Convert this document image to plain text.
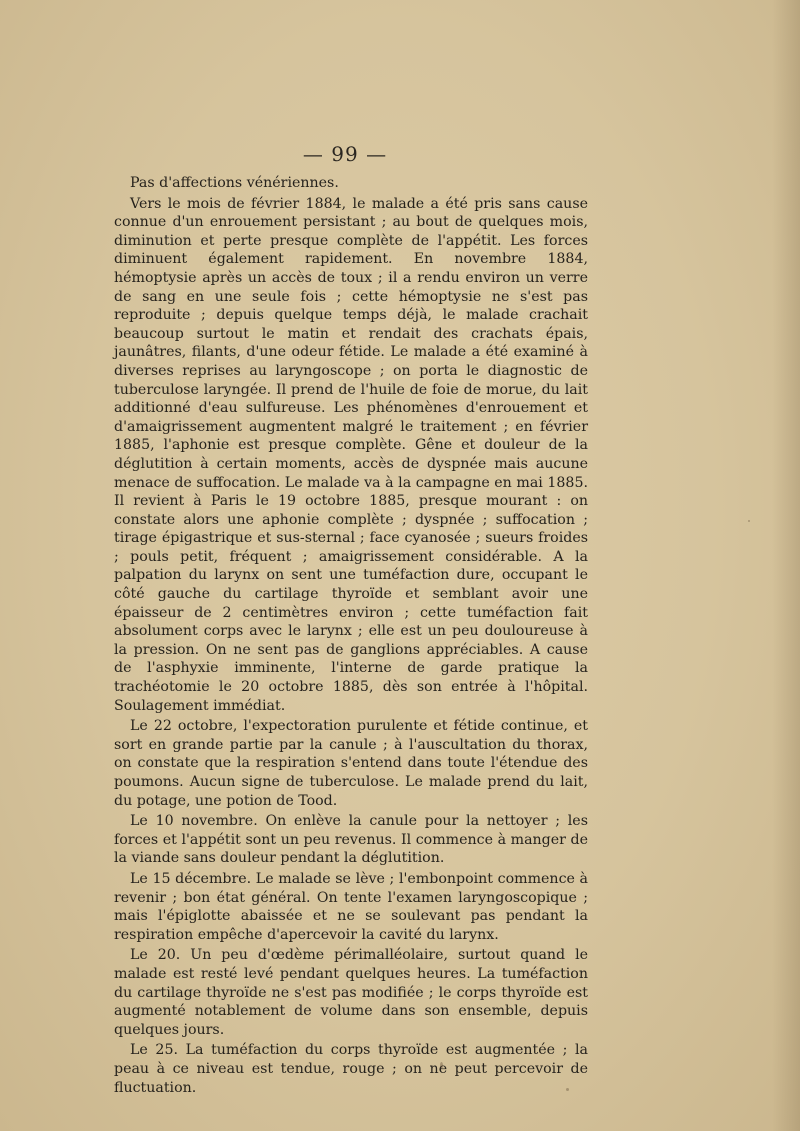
— 99 —

Pas d'affections vénériennes.

Vers le mois de février 1884, le malade a été pris sans cause connue d'un enrouement persistant ; au bout de quelques mois, diminution et perte presque complète de l'appétit. Les forces diminuent également rapidement. En novembre 1884, hémoptysie après un accès de toux ; il a rendu environ un verre de sang en une seule fois ; cette hémoptysie ne s'est pas reproduite ; depuis quelque temps déjà, le malade crachait beaucoup surtout le matin et rendait des crachats épais, jaunâtres, filants, d'une odeur fétide. Le malade a été examiné à diverses reprises au laryngoscope ; on porta le diagnostic de tuberculose laryngée. Il prend de l'huile de foie de morue, du lait additionné d'eau sulfureuse. Les phénomènes d'enrouement et d'amaigrissement augmentent malgré le traitement ; en février 1885, l'aphonie est presque complète. Gêne et douleur de la déglutition à certain moments, accès de dyspnée mais aucune menace de suffocation. Le malade va à la campagne en mai 1885. Il revient à Paris le 19 octobre 1885, presque mourant : on constate alors une aphonie complète ; dyspnée ; suffocation ; tirage épigastrique et sus-sternal ; face cyanosée ; sueurs froides ; pouls petit, fréquent ; amaigrissement considérable. A la palpation du larynx on sent une tuméfaction dure, occupant le côté gauche du cartilage thyroïde et semblant avoir une épaisseur de 2 centimètres environ ; cette tuméfaction fait absolument corps avec le larynx ; elle est un peu douloureuse à la pression. On ne sent pas de ganglions appréciables. A cause de l'asphyxie imminente, l'interne de garde pratique la trachéotomie le 20 octobre 1885, dès son entrée à l'hôpital. Soulagement immédiat.

Le 22 octobre, l'expectoration purulente et fétide continue, et sort en grande partie par la canule ; à l'auscultation du thorax, on constate que la respiration s'entend dans toute l'étendue des poumons. Aucun signe de tuberculose. Le malade prend du lait, du potage, une potion de Tood.

Le 10 novembre. On enlève la canule pour la nettoyer ; les forces et l'appétit sont un peu revenus. Il commence à manger de la viande sans douleur pendant la déglutition.

Le 15 décembre. Le malade se lève ; l'embonpoint commence à revenir ; bon état général. On tente l'examen laryngoscopique ; mais l'épiglotte abaissée et ne se soulevant pas pendant la respiration empêche d'apercevoir la cavité du larynx.

Le 20. Un peu d'œdème périmalléolaire, surtout quand le malade est resté levé pendant quelques heures. La tuméfaction du cartilage thyroïde ne s'est pas modifiée ; le corps thyroïde est augmenté notablement de volume dans son ensemble, depuis quelques jours.

Le 25. La tuméfaction du corps thyroïde est augmentée ; la peau à ce niveau est tendue, rouge ; on ne peut percevoir de fluctuation.
